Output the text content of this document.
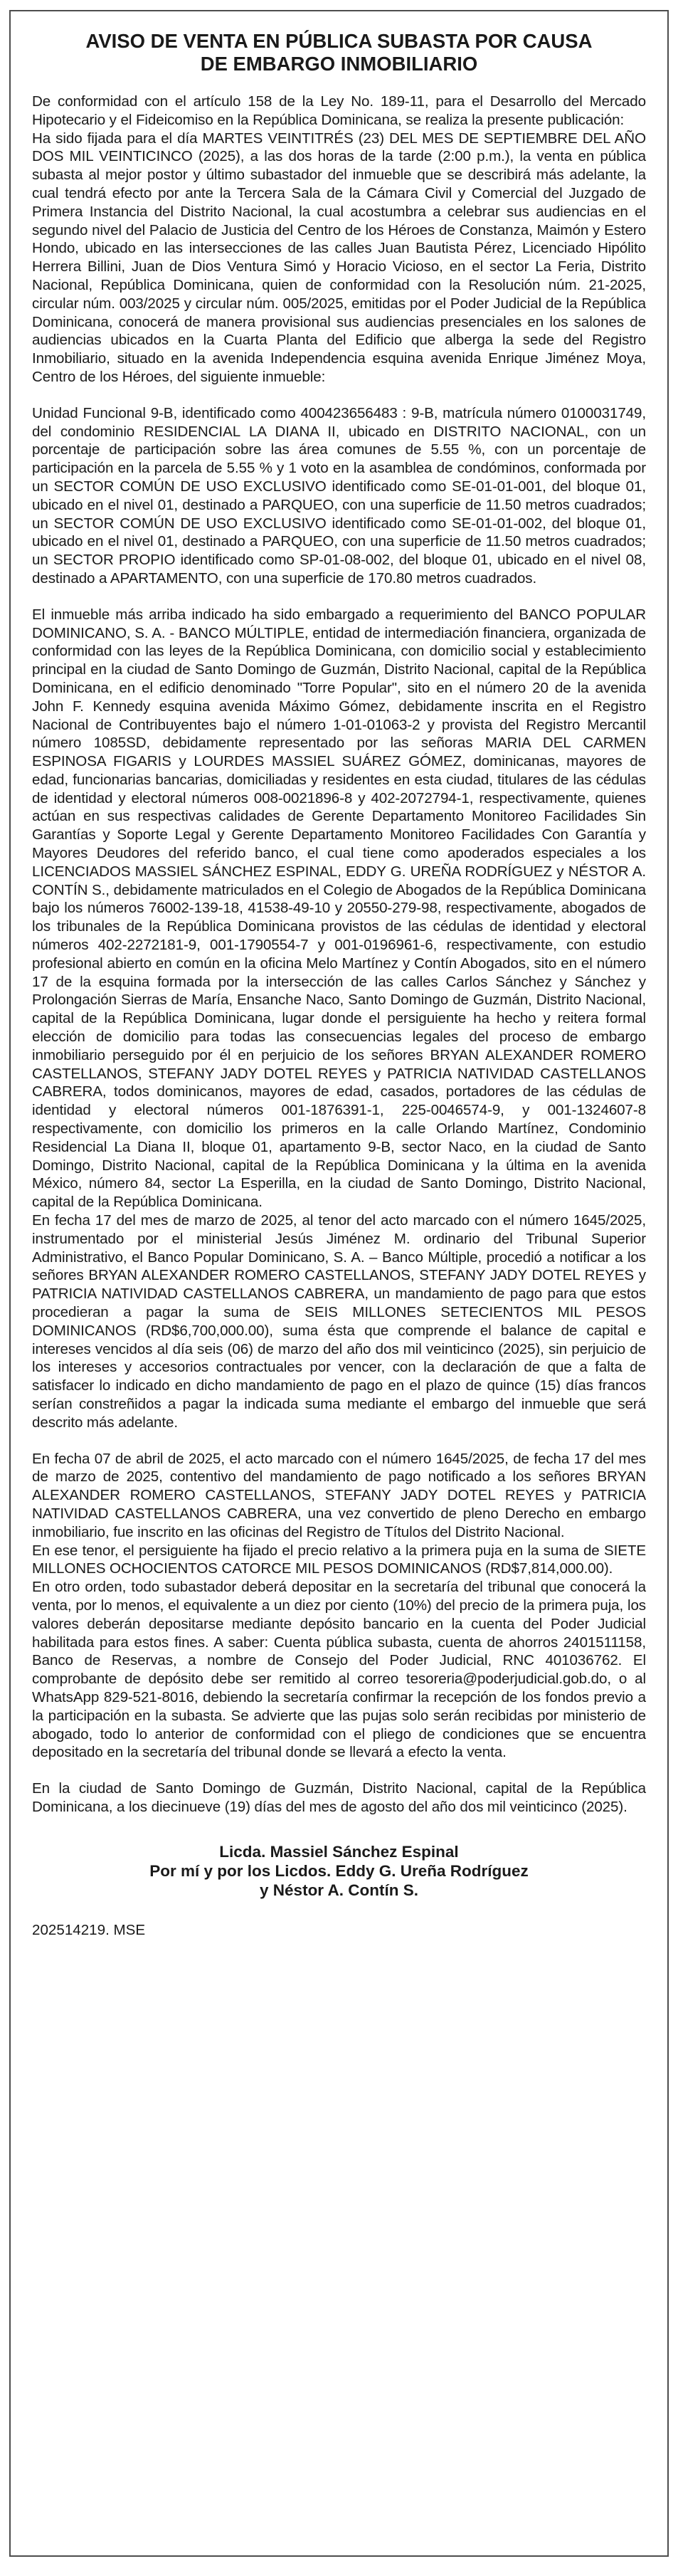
AVISO DE VENTA EN PÚBLICA SUBASTA POR CAUSA
DE EMBARGO INMOBILIARIO

De conformidad con el artículo 158 de la Ley No. 189-11, para el Desarrollo del Mercado Hipotecario y el Fideicomiso en la República Dominicana, se realiza la presente publicación:

Ha sido fijada para el día MARTES VEINTITRÉS (23) DEL MES DE SEPTIEMBRE DEL AÑO DOS MIL VEINTICINCO (2025), a las dos horas de la tarde (2:00 p.m.), la venta en pública subasta al mejor postor y último subastador del inmueble que se describirá más adelante, la cual tendrá efecto por ante la Tercera Sala de la Cámara Civil y Comercial del Juzgado de Primera Instancia del Distrito Nacional, la cual acostumbra a celebrar sus audiencias en el segundo nivel del Palacio de Justicia del Centro de los Héroes de Constanza, Maimón y Estero Hondo, ubicado en las intersecciones de las calles Juan Bautista Pérez, Licenciado Hipólito Herrera Billini, Juan de Dios Ventura Simó y Horacio Vicioso, en el sector La Feria, Distrito Nacional, República Dominicana, quien de conformidad con la Resolución núm. 21-2025, circular núm. 003/2025 y circular núm. 005/2025, emitidas por el Poder Judicial de la República Dominicana, conocerá de manera provisional sus audiencias presenciales en los salones de audiencias ubicados en la Cuarta Planta del Edificio que alberga la sede del Registro Inmobiliario, situado en la avenida Independencia esquina avenida Enrique Jiménez Moya, Centro de los Héroes, del siguiente inmueble:

Unidad Funcional 9-B, identificado como 400423656483 : 9-B, matrícula número 0100031749, del condominio RESIDENCIAL LA DIANA II, ubicado en DISTRITO NACIONAL, con un porcentaje de participación sobre las área comunes de 5.55 %, con un porcentaje de participación en la parcela de 5.55 % y 1 voto en la asamblea de condóminos, conformada por un SECTOR COMÚN DE USO EXCLUSIVO identificado como SE-01-01-001, del bloque 01, ubicado en el nivel 01, destinado a PARQUEO, con una superficie de 11.50 metros cuadrados; un SECTOR COMÚN DE USO EXCLUSIVO identificado como SE-01-01-002, del bloque 01, ubicado en el nivel 01, destinado a PARQUEO, con una superficie de 11.50 metros cuadrados; un SECTOR PROPIO identificado como SP-01-08-002, del bloque 01, ubicado en el nivel 08, destinado a APARTAMENTO, con una superficie de 170.80 metros cuadrados.

El inmueble más arriba indicado ha sido embargado a requerimiento del BANCO POPULAR DOMINICANO, S. A. - BANCO MÚLTIPLE, entidad de intermediación financiera, organizada de conformidad con las leyes de la República Dominicana, con domicilio social y establecimiento principal en la ciudad de Santo Domingo de Guzmán, Distrito Nacional, capital de la República Dominicana, en el edificio denominado "Torre Popular", sito en el número 20 de la avenida John F. Kennedy esquina avenida Máximo Gómez, debidamente inscrita en el Registro Nacional de Contribuyentes bajo el número 1-01-01063-2 y provista del Registro Mercantil número 1085SD, debidamente representado por las señoras MARIA DEL CARMEN ESPINOSA FIGARIS y LOURDES MASSIEL SUÁREZ GÓMEZ, dominicanas, mayores de edad, funcionarias bancarias, domiciliadas y residentes en esta ciudad, titulares de las cédulas de identidad y electoral números 008-0021896-8 y 402-2072794-1, respectivamente, quienes actúan en sus respectivas calidades de Gerente Departamento Monitoreo Facilidades Sin Garantías y Soporte Legal y Gerente Departamento Monitoreo Facilidades Con Garantía y Mayores Deudores del referido banco, el cual tiene como apoderados especiales a los LICENCIADOS MASSIEL SÁNCHEZ ESPINAL, EDDY G. UREÑA RODRÍGUEZ y NÉSTOR A. CONTÍN S., debidamente matriculados en el Colegio de Abogados de la República Dominicana bajo los números 76002-139-18, 41538-49-10 y 20550-279-98, respectivamente, abogados de los tribunales de la República Dominicana provistos de las cédulas de identidad y electoral números 402-2272181-9, 001-1790554-7 y 001-0196961-6, respectivamente, con estudio profesional abierto en común en la oficina Melo Martínez y Contín Abogados, sito en el número 17 de la esquina formada por la intersección de las calles Carlos Sánchez y Sánchez y Prolongación Sierras de María, Ensanche Naco, Santo Domingo de Guzmán, Distrito Nacional, capital de la República Dominicana, lugar donde el persiguiente ha hecho y reitera formal elección de domicilio para todas las consecuencias legales del proceso de embargo inmobiliario perseguido por él en perjuicio de los señores BRYAN ALEXANDER ROMERO CASTELLANOS, STEFANY JADY DOTEL REYES y PATRICIA NATIVIDAD CASTELLANOS CABRERA, todos dominicanos, mayores de edad, casados, portadores de las cédulas de identidad y electoral números 001-1876391-1, 225-0046574-9, y 001-1324607-8 respectivamente, con domicilio los primeros en la calle Orlando Martínez, Condominio Residencial La Diana II, bloque 01, apartamento 9-B, sector Naco, en la ciudad de Santo Domingo, Distrito Nacional, capital de la República Dominicana y la última en la avenida México, número 84, sector La Esperilla, en la ciudad de Santo Domingo, Distrito Nacional, capital de la República Dominicana.

En fecha 17 del mes de marzo de 2025, al tenor del acto marcado con el número 1645/2025, instrumentado por el ministerial Jesús Jiménez M. ordinario del Tribunal Superior Administrativo, el Banco Popular Dominicano, S. A. – Banco Múltiple, procedió a notificar a los señores BRYAN ALEXANDER ROMERO CASTELLANOS, STEFANY JADY DOTEL REYES y PATRICIA NATIVIDAD CASTELLANOS CABRERA, un mandamiento de pago para que estos procedieran a pagar la suma de SEIS MILLONES SETECIENTOS MIL PESOS DOMINICANOS (RD$6,700,000.00), suma ésta que comprende el balance de capital e intereses vencidos al día seis (06) de marzo del año dos mil veinticinco (2025), sin perjuicio de los intereses y accesorios contractuales por vencer, con la declaración de que a falta de satisfacer lo indicado en dicho mandamiento de pago en el plazo de quince (15) días francos serían constreñidos a pagar la indicada suma mediante el embargo del inmueble que será descrito más adelante.

En fecha 07 de abril de 2025, el acto marcado con el número 1645/2025, de fecha 17 del mes de marzo de 2025, contentivo del mandamiento de pago notificado a los señores BRYAN ALEXANDER ROMERO CASTELLANOS, STEFANY JADY DOTEL REYES y PATRICIA NATIVIDAD CASTELLANOS CABRERA, una vez convertido de pleno Derecho en embargo inmobiliario, fue inscrito en las oficinas del Registro de Títulos del Distrito Nacional.

En ese tenor, el persiguiente ha fijado el precio relativo a la primera puja en la suma de SIETE MILLONES OCHOCIENTOS CATORCE MIL PESOS DOMINICANOS (RD$7,814,000.00).

En otro orden, todo subastador deberá depositar en la secretaría del tribunal que conocerá la venta, por lo menos, el equivalente a un diez por ciento (10%) del precio de la primera puja, los valores deberán depositarse mediante depósito bancario en la cuenta del Poder Judicial habilitada para estos fines. A saber: Cuenta pública subasta, cuenta de ahorros 2401511158, Banco de Reservas, a nombre de Consejo del Poder Judicial, RNC 401036762. El comprobante de depósito debe ser remitido al correo tesoreria@poderjudicial.gob.do, o al WhatsApp 829-521-8016, debiendo la secretaría confirmar la recepción de los fondos previo a la participación en la subasta. Se advierte que las pujas solo serán recibidas por ministerio de abogado, todo lo anterior de conformidad con el pliego de condiciones que se encuentra depositado en la secretaría del tribunal donde se llevará a efecto la venta.

En la ciudad de Santo Domingo de Guzmán, Distrito Nacional, capital de la República Dominicana, a los diecinueve (19) días del mes de agosto del año dos mil veinticinco (2025).

Licda. Massiel Sánchez Espinal
Por mí y por los Licdos. Eddy G. Ureña Rodríguez
y Néstor A. Contín S.
202514219. MSE
